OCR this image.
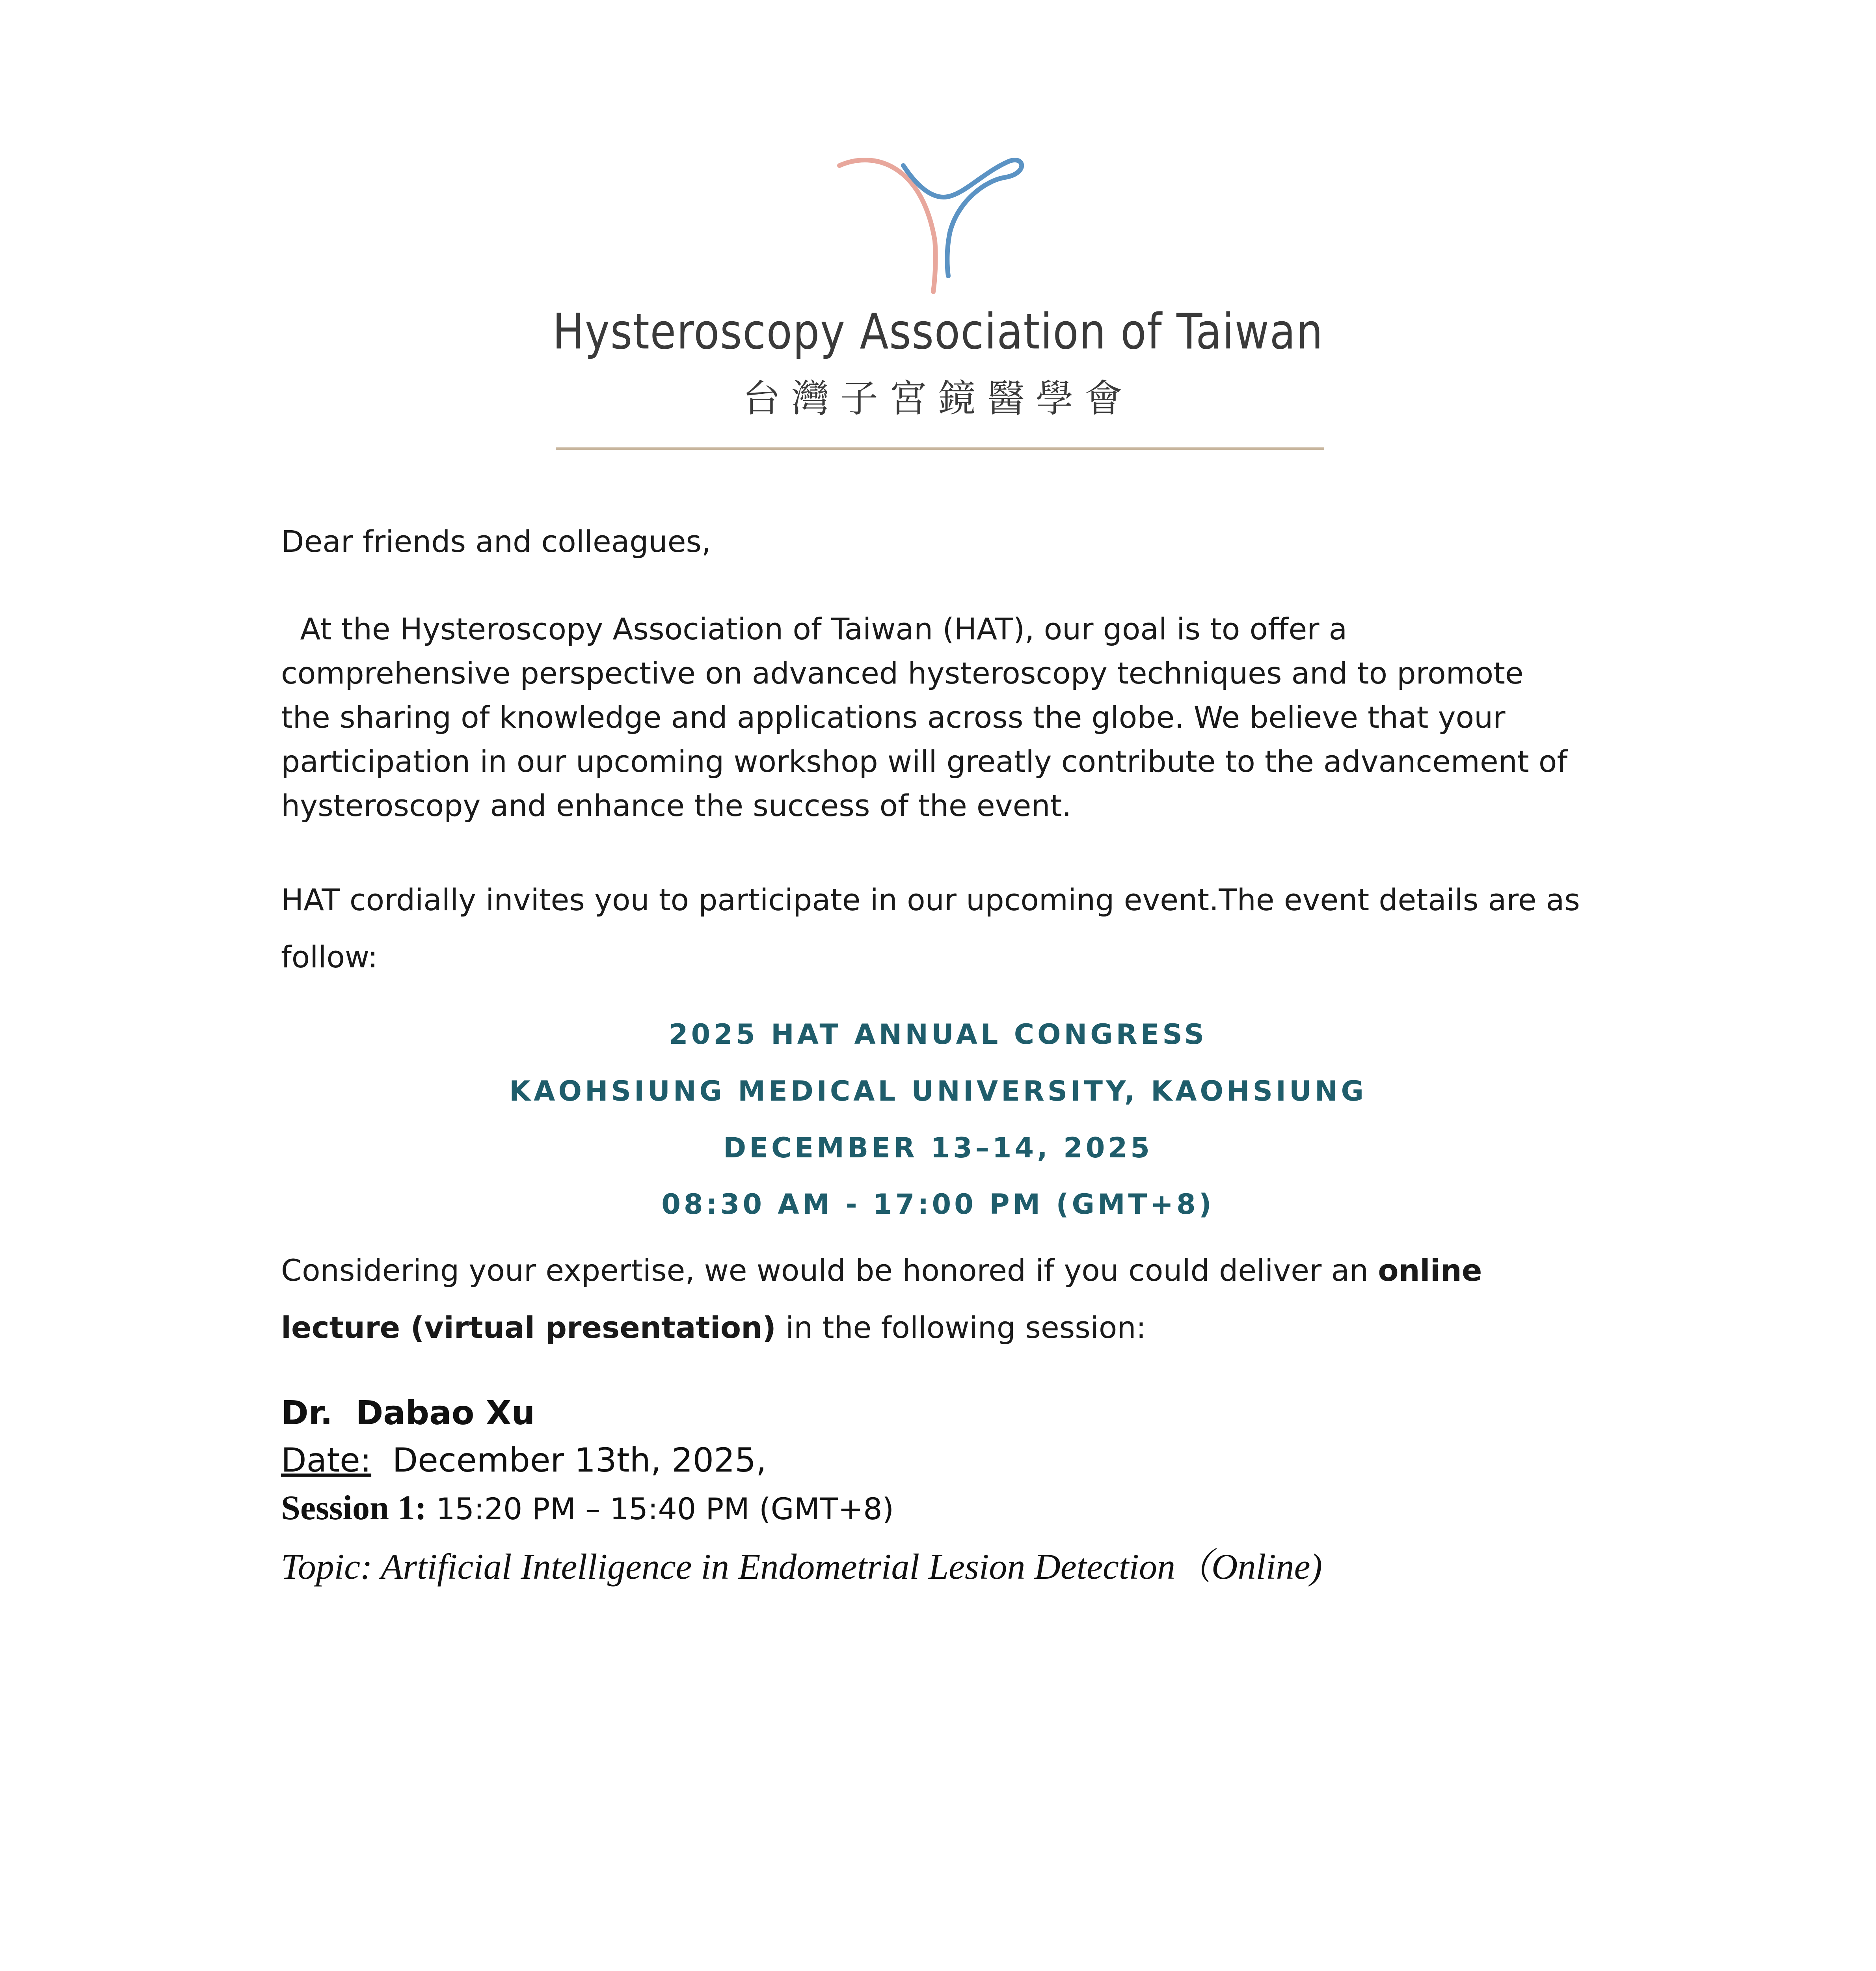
Hysteroscopy Association of Taiwan
台灣子宮鏡醫學會
Dear friends and colleagues,
At the Hysteroscopy Association of Taiwan (HAT), our goal is to offer a comprehensive perspective on advanced hysteroscopy techniques and to promote the sharing of knowledge and applications across the globe. We believe that your participation in our upcoming workshop will greatly contribute to the advancement of hysteroscopy and enhance the success of the event.
HAT cordially invites you to participate in our upcoming event.The event details are as follow:
2025 HAT ANNUAL CONGRESS
KAOHSIUNG MEDICAL UNIVERSITY, KAOHSIUNG
DECEMBER 13–14, 2025
08:30 AM - 17:00 PM (GMT+8)
Considering your expertise, we would be honored if you could deliver an online lecture (virtual presentation) in the following session:
Dr.  Dabao Xu
Date:  December 13th, 2025,
Session 1: 15:20 PM – 15:40 PM (GMT+8)
Topic: Artificial Intelligence in Endometrial Lesion Detection（Online)
